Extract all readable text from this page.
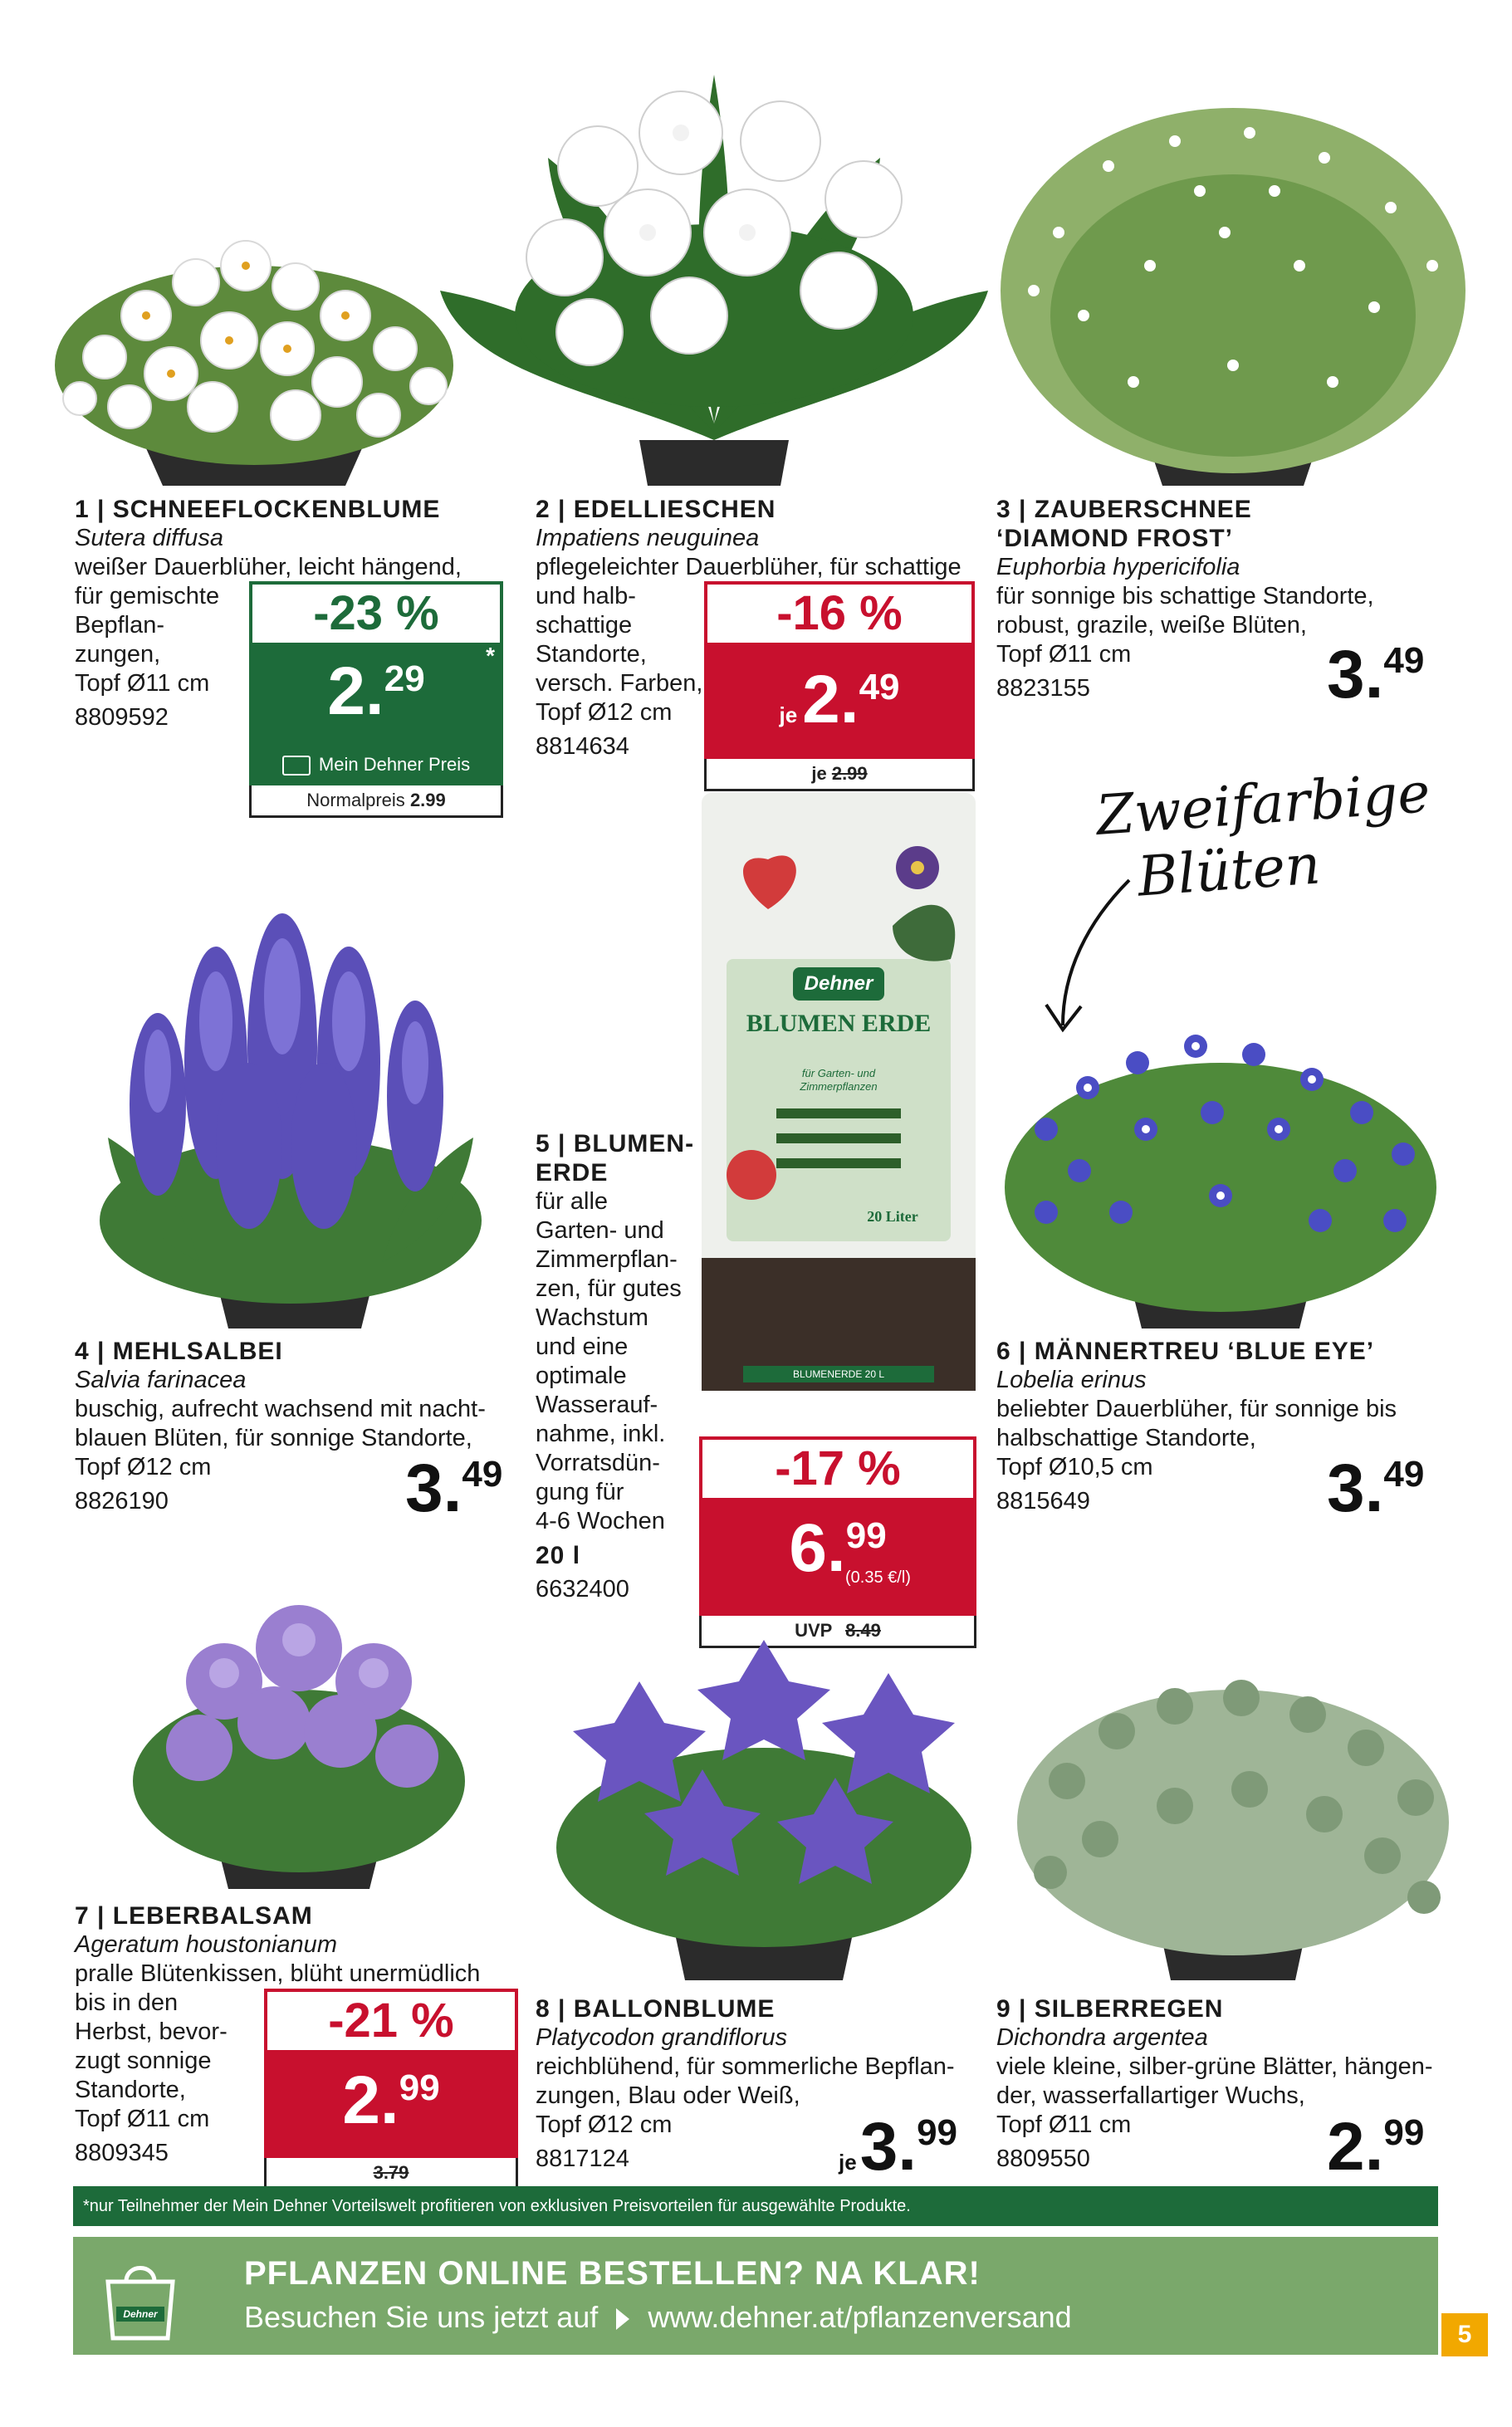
1 | SCHNEEFLOCKENBLUME
Sutera diffusa
weißer Dauerblüher, leicht hängend,
für gemischte
Bepflan-
zungen,
Topf Ø11 cm
8809592
-23 %
2.29
*
Mein Dehner Preis
Normalpreis 2.99
2 | EDELLIESCHEN
Impatiens neuguinea
pflegeleichter Dauerblüher, für schattige
und halb-
schattige
Standorte,
versch. Farben,
Topf Ø12 cm
8814634
-16 %
je2.49
je 2.99
3 | ZAUBERSCHNEE
‘DIAMOND FROST’
Euphorbia hypericifolia
für sonnige bis schattige Standorte,
robust, grazile, weiße Blüten,
Topf Ø11 cm
8823155	3.49
4 | MEHLSALBEI
Salvia farinacea
buschig, aufrecht wachsend mit nacht-
blauen Blüten, für sonnige Standorte,
Topf Ø12 cm
8826190	3.49
Dehner
BLUMEN ERDE
für Garten- und Zimmerpflanzen
20 Liter
BLUMENERDE 20 L
5 | BLUMEN-
ERDE
für alle
Garten- und
Zimmerpflan-
zen, für gutes
Wachstum
und eine
optimale
Wasserauf-
nahme, inkl.
Vorratsdün-
gung für
4-6 Wochen
20 l
6632400
-17 %
6.99
(0.35 €/l)
UVP 8.49
Zweifarbige
Blüten
6 | MÄNNERTREU ‘BLUE EYE’
Lobelia erinus
beliebter Dauerblüher, für sonnige bis
halbschattige Standorte,
Topf Ø10,5 cm
8815649	3.49
7 | LEBERBALSAM
Ageratum houstonianum
pralle Blütenkissen, blüht unermüdlich
bis in den
Herbst, bevor-
zugt sonnige
Standorte,
Topf Ø11 cm
8809345
-21 %
2.99
3.79
8 | BALLONBLUME
Platycodon grandiflorus
reichblühend, für sommerliche Bepflan-
zungen, Blau oder Weiß,
Topf Ø12 cm
8817124	je3.99
9 | SILBERREGEN
Dichondra argentea
viele kleine, silber-grüne Blätter, hängen-
der, wasserfallartiger Wuchs,
Topf Ø11 cm
8809550	2.99
*nur Teilnehmer der Mein Dehner Vorteilswelt profitieren von exklusiven Preisvorteilen für ausgewählte Produkte.
Dehner
PFLANZEN ONLINE BESTELLEN? NA KLAR!
Besuchen Sie uns jetzt auf www.dehner.at/pflanzenversand
5
